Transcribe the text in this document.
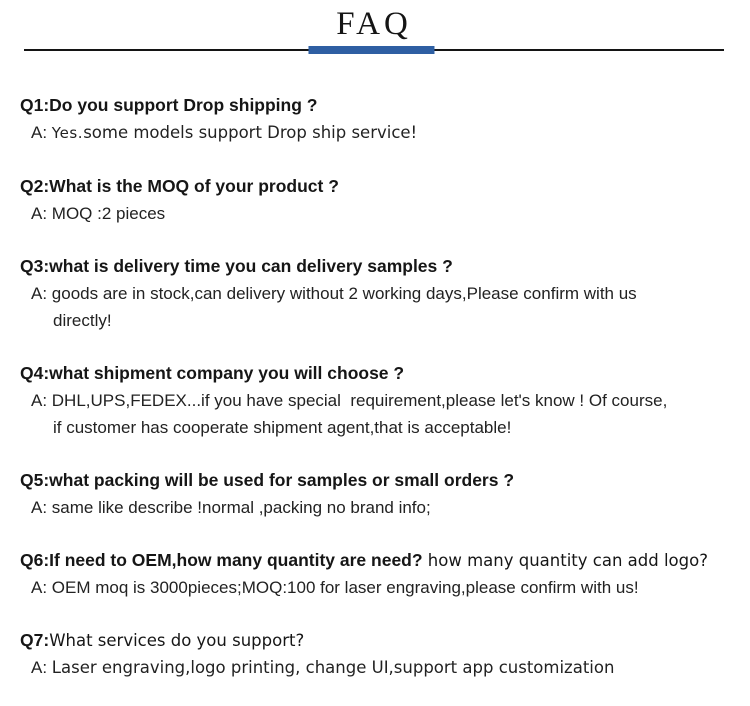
FAQ
Q1:Do you support Drop shipping ?
A: Yes.some models support Drop ship service!
Q2:What is the MOQ of your product ?
A: MOQ :2 pieces
Q3:what is delivery time you can delivery samples ?
A: goods are in stock,can delivery without 2 working days,Please confirm with us
directly!
Q4:what shipment company you will choose ?
A: DHL,UPS,FEDEX...if you have special  requirement,please let's know ! Of course,
if customer has cooperate shipment agent,that is acceptable!
Q5:what packing will be used for samples or small orders ?
A: same like describe !normal ,packing no brand info;
Q6:If need to OEM,how many quantity are need? how many quantity can add logo?
A: OEM moq is 3000pieces;MOQ:100 for laser engraving,please confirm with us!
Q7:What services do you support?
A: Laser engraving,logo printing, change UI,support app customization
